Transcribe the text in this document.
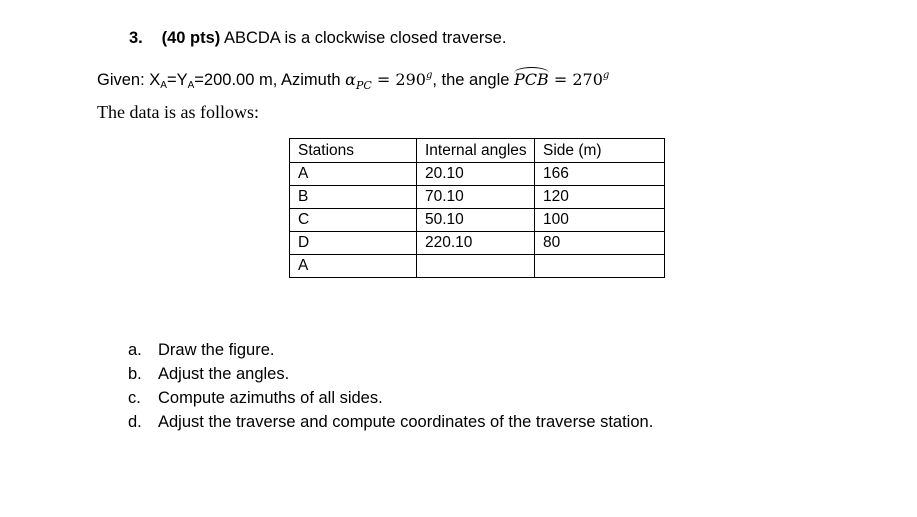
3. (40 pts) ABCDA is a clockwise closed traverse.
Given: $X_A=Y_A=200.00$ m, Azimuth $\alpha_{PC} = 290^g$, the angle PCB = $270^g$
The data is as follows:
Stations	Internal angles	Side (m)
A	20.10	166
B	70.10	120
C	50.10	100
D	220.10	80
A		
a. Draw the figure.
b. Adjust the angles.
c. Compute azimuths of all sides.
d. Adjust the traverse and compute coordinates of the traverse station.
